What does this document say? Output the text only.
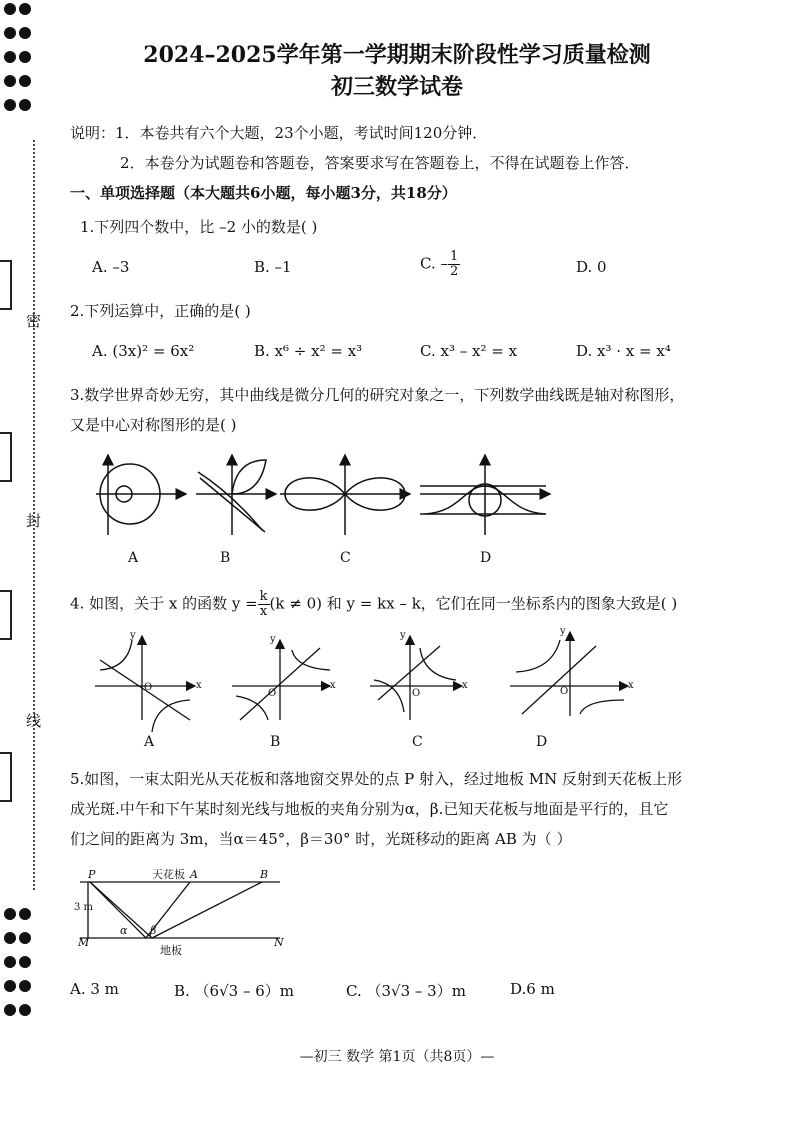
密
封
线
2024–2025学年第一学期期末阶段性学习质量检测
初三数学试卷
说明：1．本卷共有六个大题，23个小题，考试时间120分钟．
2．本卷分为试题卷和答题卷，答案要求写在答题卷上，不得在试题卷上作答．
一、单项选择题（本大题共6小题，每小题3分，共18分）
1.下列四个数中，比 –2 小的数是( )
A. –3	B. –1	C. – $\frac{1}{2}$	D. 0
2.下列运算中，正确的是( )
A. (3x)² = 6x²	B. x⁶ ÷ x² = x³	C. x³ – x² = x	D. x³ · x = x⁴
3.数学世界奇妙无穷，其中曲线是微分几何的研究对象之一，下列数学曲线既是轴对称图形，
又是中心对称图形的是( )
A	B	C	D
4. 如图，关于 x 的函数 $y = \frac{k}{x} (k \ne 0)$ 和 y = kx – k，它们在同一坐标系内的图象大致是( )
y
x
O
y
x
O
y
x
O
y
x
O
A	B	C	D
5.如图，一束太阳光从天花板和落地窗交界处的点 P 射入，经过地板 MN 反射到天花板上形
成光斑.中午和下午某时刻光线与地板的夹角分别为α，β.已知天花板与地面是平行的，且它
们之间的距离为 3m，当α＝45°，β＝30° 时，光斑移动的距离 AB 为（ ）
P	天花板 A	B
3 m
α β
M
地板
N
A. 3 m	B. （6√3 – 6）m	C. （3√3 – 3）m	D.6 m
—初三 数学 第1页（共8页）—
